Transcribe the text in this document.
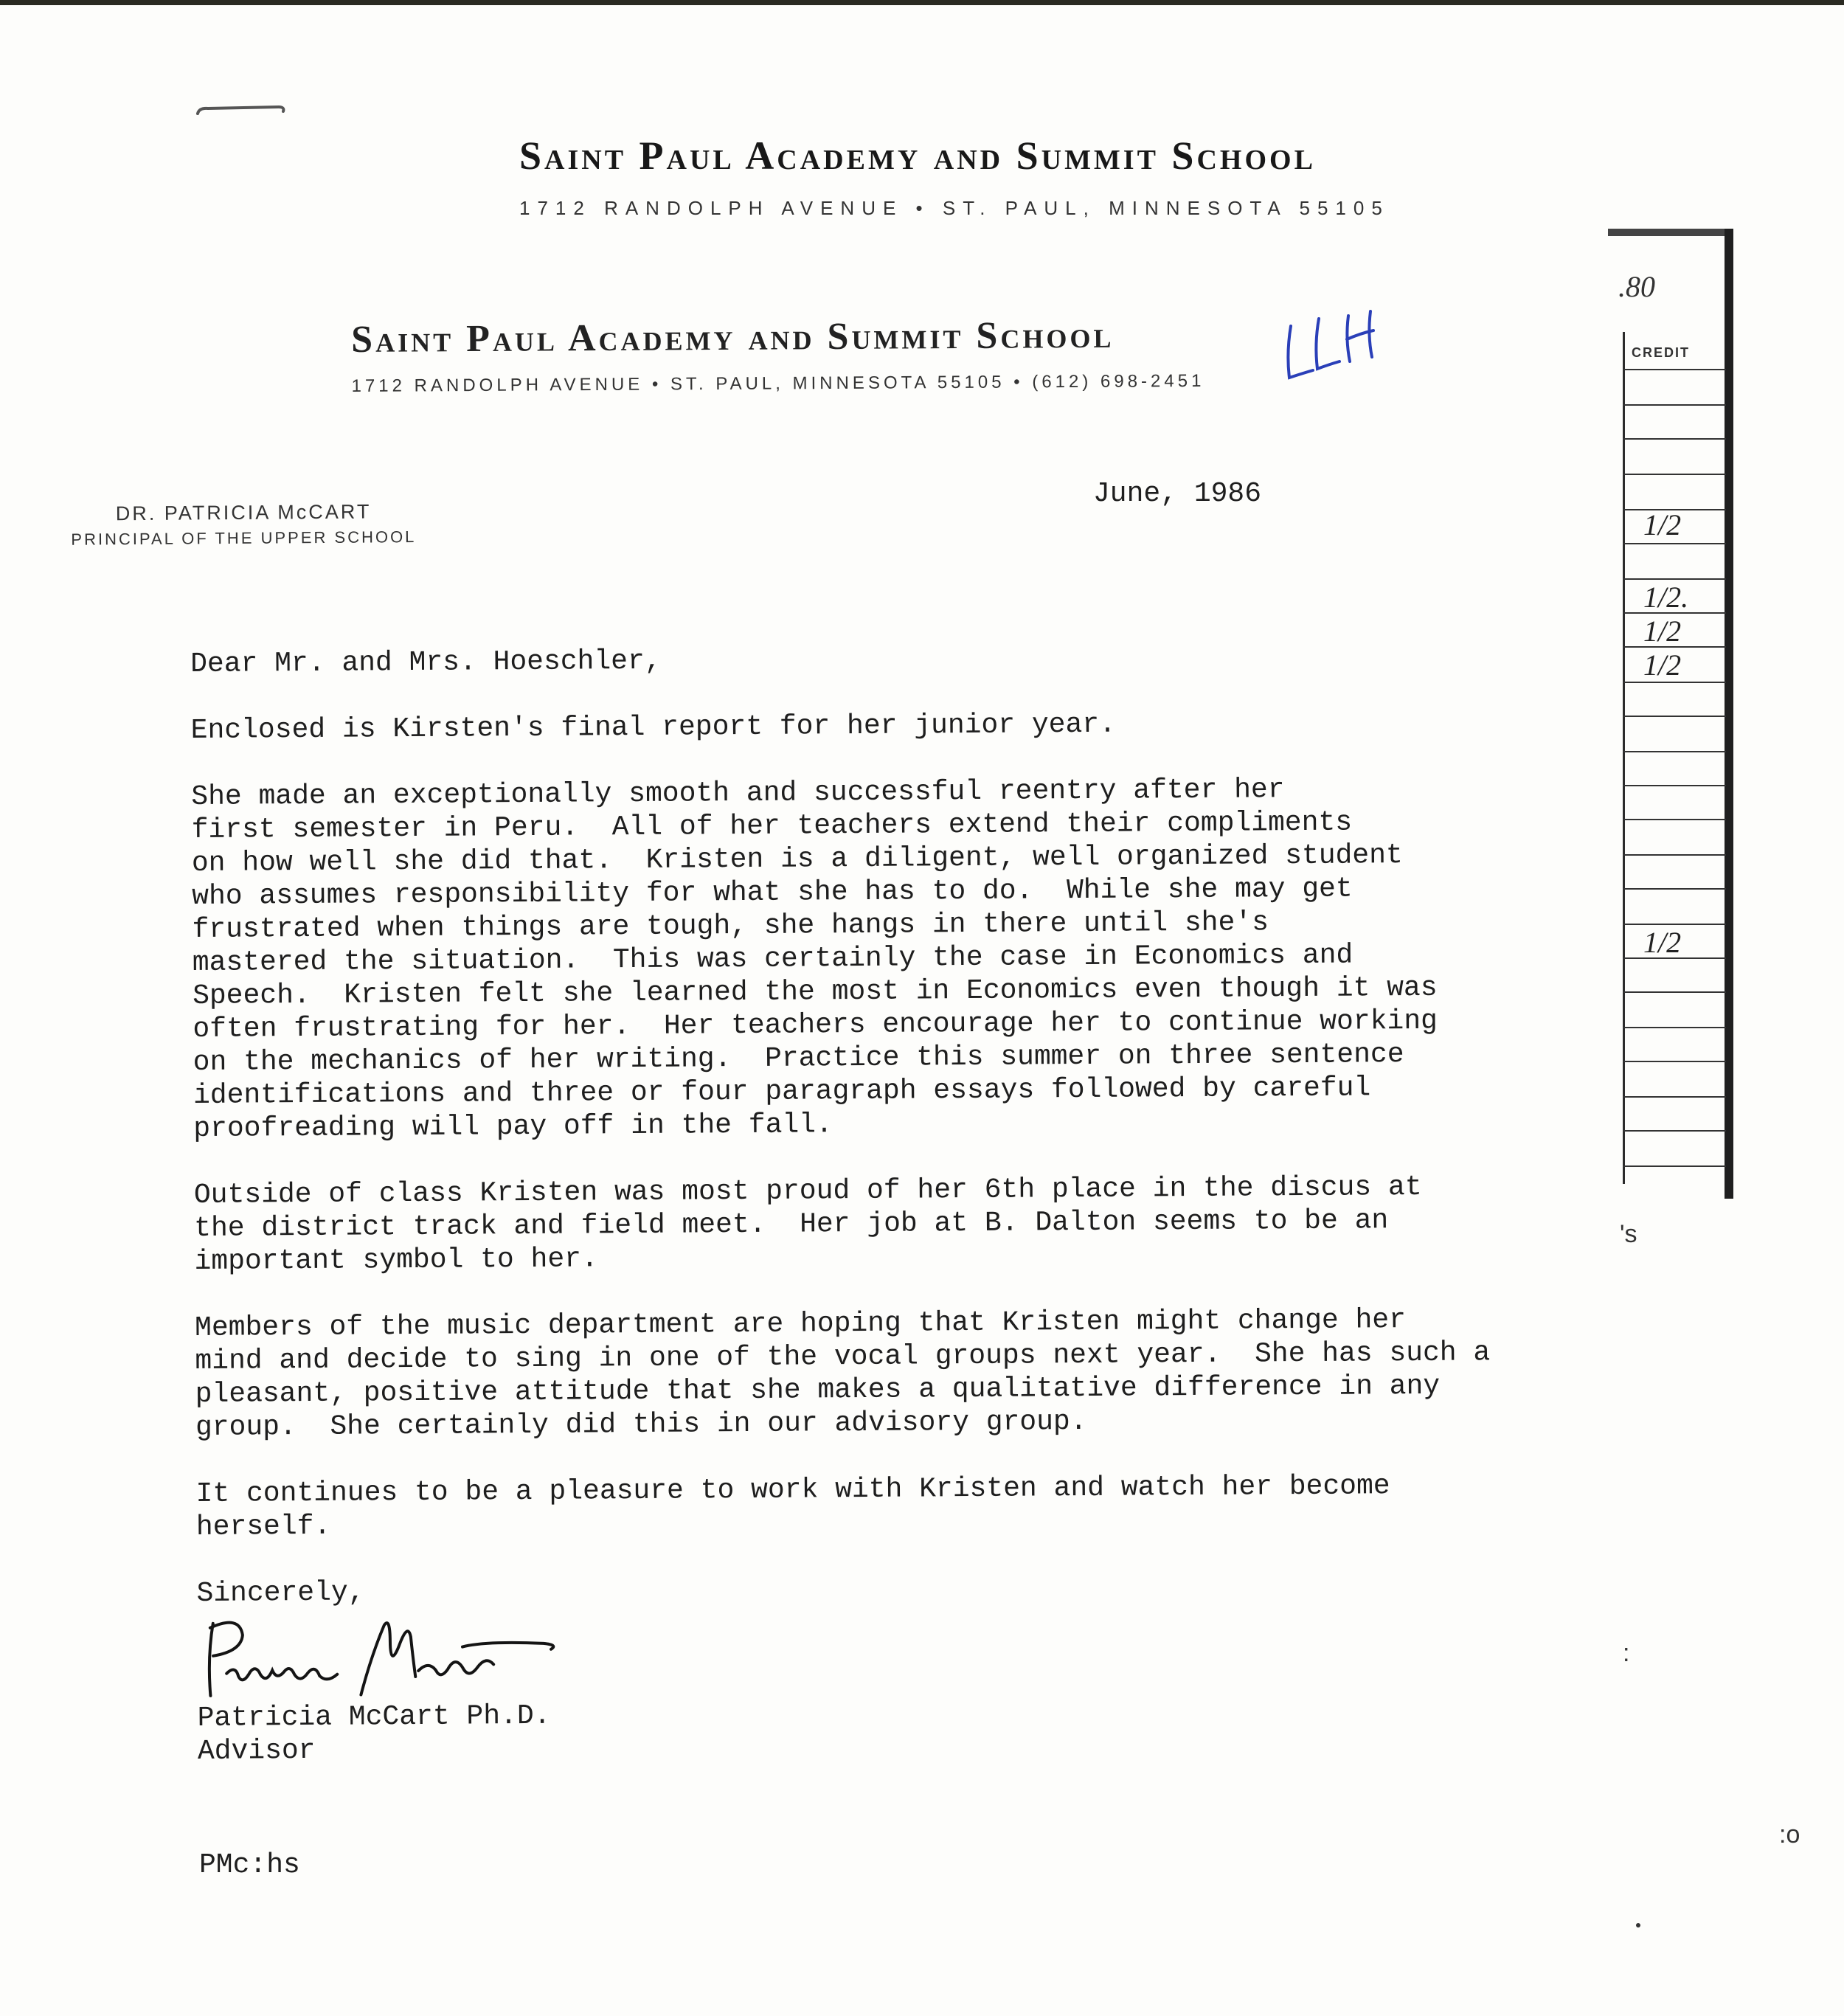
Saint Paul Academy and Summit School
1712 RANDOLPH AVENUE • ST. PAUL, MINNESOTA 55105
Saint Paul Academy and Summit School
1712 RANDOLPH AVENUE • ST. PAUL, MINNESOTA 55105 • (612) 698-2451
DR. PATRICIA McCART
PRINCIPAL OF THE UPPER SCHOOL
June, 1986

Dear Mr. and Mrs. Hoeschler,

Enclosed is Kirsten's final report for her junior year.

She made an exceptionally smooth and successful reentry after her

first semester in Peru.  All of her teachers extend their compliments

on how well she did that.  Kristen is a diligent, well organized student

who assumes responsibility for what she has to do.  While she may get

frustrated when things are tough, she hangs in there until she's

mastered the situation.  This was certainly the case in Economics and

Speech.  Kristen felt she learned the most in Economics even though it was

often frustrating for her.  Her teachers encourage her to continue working

on the mechanics of her writing.  Practice this summer on three sentence

identifications and three or four paragraph essays followed by careful

proofreading will pay off in the fall.

Outside of class Kristen was most proud of her 6th place in the discus at

the district track and field meet.  Her job at B. Dalton seems to be an

important symbol to her.

Members of the music department are hoping that Kristen might change her

mind and decide to sing in one of the vocal groups next year.  She has such a

pleasant, positive attitude that she makes a qualitative difference in any

group.  She certainly did this in our advisory group.

It continues to be a pleasure to work with Kristen and watch her become

herself.

Sincerely,

Patricia McCart Ph.D.

Advisor

PMc:hs
.80
CREDIT
1/2
1/2.
1/2
1/2
1/2
's
:
:o
